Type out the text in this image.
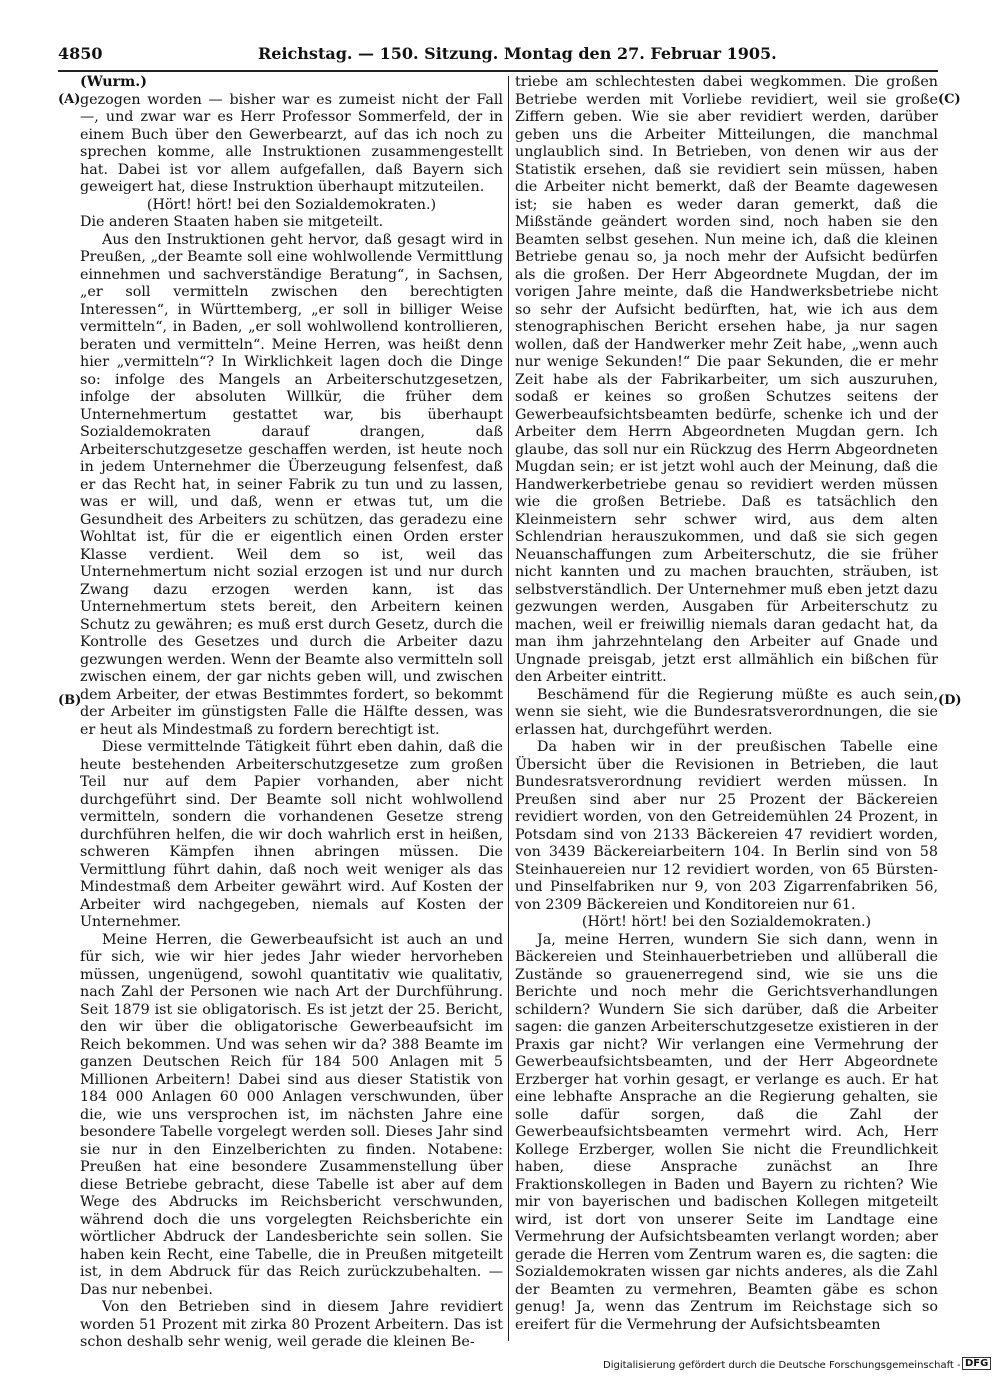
4850	Reichstag. — 150. Sitzung. Montag den 27. Februar 1905.
(A)
(B)
(C)
(D)

(Wurm.)

gezogen worden — bisher war es zumeist nicht der Fall —, und zwar war es Herr Professor Sommerfeld, der in einem Buch über den Gewerbearzt, auf das ich noch zu sprechen komme, alle Instruktionen zusammengestellt hat. Dabei ist vor allem aufgefallen, daß Bayern sich geweigert hat, diese Instruktion überhaupt mitzuteilen.

(Hört! hört! bei den Sozialdemokraten.)

Die anderen Staaten haben sie mitgeteilt.

Aus den Instruktionen geht hervor, daß gesagt wird in Preußen, „der Beamte soll eine wohlwollende Vermittlung einnehmen und sachverständige Beratung“, in Sachsen, „er soll vermitteln zwischen den berechtigten Interessen“, in Württemberg, „er soll in billiger Weise vermitteln“, in Baden, „er soll wohlwollend kontrollieren, beraten und vermitteln“. Meine Herren, was heißt denn hier „vermitteln“? In Wirklichkeit lagen doch die Dinge so: infolge des Mangels an Arbeiterschutzgesetzen, infolge der absoluten Willkür, die früher dem Unternehmertum gestattet war, bis überhaupt Sozialdemokraten darauf drangen, daß Arbeiterschutzgesetze geschaffen werden, ist heute noch in jedem Unternehmer die Überzeugung felsenfest, daß er das Recht hat, in seiner Fabrik zu tun und zu lassen, was er will, und daß, wenn er etwas tut, um die Gesundheit des Arbeiters zu schützen, das geradezu eine Wohltat ist, für die er eigentlich einen Orden erster Klasse verdient. Weil dem so ist, weil das Unternehmertum nicht sozial erzogen ist und nur durch Zwang dazu erzogen werden kann, ist das Unternehmertum stets bereit, den Arbeitern keinen Schutz zu gewähren; es muß erst durch Gesetz, durch die Kontrolle des Gesetzes und durch die Arbeiter dazu gezwungen werden. Wenn der Beamte also vermitteln soll zwischen einem, der gar nichts geben will, und zwischen dem Arbeiter, der etwas Bestimmtes fordert, so bekommt der Arbeiter im günstigsten Falle die Hälfte dessen, was er heut als Mindestmaß zu fordern berechtigt ist.

Diese vermittelnde Tätigkeit führt eben dahin, daß die heute bestehenden Arbeiterschutzgesetze zum großen Teil nur auf dem Papier vorhanden, aber nicht durchgeführt sind. Der Beamte soll nicht wohlwollend vermitteln, sondern die vorhandenen Gesetze streng durchführen helfen, die wir doch wahrlich erst in heißen, schweren Kämpfen ihnen abringen müssen. Die Vermittlung führt dahin, daß noch weit weniger als das Mindestmaß dem Arbeiter gewährt wird. Auf Kosten der Arbeiter wird nachgegeben, niemals auf Kosten der Unternehmer.

Meine Herren, die Gewerbeaufsicht ist auch an und für sich, wie wir hier jedes Jahr wieder hervorheben müssen, ungenügend, sowohl quantitativ wie qualitativ, nach Zahl der Personen wie nach Art der Durchführung. Seit 1879 ist sie obligatorisch. Es ist jetzt der 25. Bericht, den wir über die obligatorische Gewerbeaufsicht im Reich bekommen. Und was sehen wir da? 388 Beamte im ganzen Deutschen Reich für 184 500 Anlagen mit 5 Millionen Arbeitern! Dabei sind aus dieser Statistik von 184 000 Anlagen 60 000 Anlagen verschwunden, über die, wie uns versprochen ist, im nächsten Jahre eine besondere Tabelle vorgelegt werden soll. Dieses Jahr sind sie nur in den Einzelberichten zu finden. Notabene: Preußen hat eine besondere Zusammenstellung über diese Betriebe gebracht, diese Tabelle ist aber auf dem Wege des Abdrucks im Reichsbericht verschwunden, während doch die uns vorgelegten Reichsberichte ein wörtlicher Abdruck der Landesberichte sein sollen. Sie haben kein Recht, eine Tabelle, die in Preußen mitgeteilt ist, in dem Abdruck für das Reich zurückzubehalten. — Das nur nebenbei.

Von den Betrieben sind in diesem Jahre revidiert worden 51 Prozent mit zirka 80 Prozent Arbeitern. Das ist schon deshalb sehr wenig, weil gerade die kleinen Be-

triebe am schlechtesten dabei wegkommen. Die großen Betriebe werden mit Vorliebe revidiert, weil sie große Ziffern geben. Wie sie aber revidiert werden, darüber geben uns die Arbeiter Mitteilungen, die manchmal unglaublich sind. In Betrieben, von denen wir aus der Statistik ersehen, daß sie revidiert sein müssen, haben die Arbeiter nicht bemerkt, daß der Beamte dagewesen ist; sie haben es weder daran gemerkt, daß die Mißstände geändert worden sind, noch haben sie den Beamten selbst gesehen. Nun meine ich, daß die kleinen Betriebe genau so, ja noch mehr der Aufsicht bedürfen als die großen. Der Herr Abgeordnete Mugdan, der im vorigen Jahre meinte, daß die Handwerksbetriebe nicht so sehr der Aufsicht bedürften, hat, wie ich aus dem stenographischen Bericht ersehen habe, ja nur sagen wollen, daß der Handwerker mehr Zeit habe, „wenn auch nur wenige Sekunden!“ Die paar Sekunden, die er mehr Zeit habe als der Fabrikarbeiter, um sich auszuruhen, sodaß er keines so großen Schutzes seitens der Gewerbeaufsichtsbeamten bedürfe, schenke ich und der Arbeiter dem Herrn Abgeordneten Mugdan gern. Ich glaube, das soll nur ein Rückzug des Herrn Abgeordneten Mugdan sein; er ist jetzt wohl auch der Meinung, daß die Handwerkerbetriebe genau so revidiert werden müssen wie die großen Betriebe. Daß es tatsächlich den Kleinmeistern sehr schwer wird, aus dem alten Schlendrian herauszukommen, und daß sie sich gegen Neuanschaffungen zum Arbeiterschutz, die sie früher nicht kannten und zu machen brauchten, sträuben, ist selbstverständlich. Der Unternehmer muß eben jetzt dazu gezwungen werden, Ausgaben für Arbeiterschutz zu machen, weil er freiwillig niemals daran gedacht hat, da man ihm jahrzehntelang den Arbeiter auf Gnade und Ungnade preisgab, jetzt erst allmählich ein bißchen für den Arbeiter eintritt.

Beschämend für die Regierung müßte es auch sein, wenn sie sieht, wie die Bundesratsverordnungen, die sie erlassen hat, durchgeführt werden.

Da haben wir in der preußischen Tabelle eine Übersicht über die Revisionen in Betrieben, die laut Bundesratsverordnung revidiert werden müssen. In Preußen sind aber nur 25 Prozent der Bäckereien revidiert worden, von den Getreidemühlen 24 Prozent, in Potsdam sind von 2133 Bäckereien 47 revidiert worden, von 3439 Bäckereiarbeitern 104. In Berlin sind von 58 Steinhauereien nur 12 revidiert worden, von 65 Bürsten- und Pinselfabriken nur 9, von 203 Zigarrenfabriken 56, von 2309 Bäckereien und Konditoreien nur 61.

(Hört! hört! bei den Sozialdemokraten.)

Ja, meine Herren, wundern Sie sich dann, wenn in Bäckereien und Steinhauerbetrieben und allüberall die Zustände so grauenerregend sind, wie sie uns die Berichte und noch mehr die Gerichtsverhandlungen schildern? Wundern Sie sich darüber, daß die Arbeiter sagen: die ganzen Arbeiterschutzgesetze existieren in der Praxis gar nicht? Wir verlangen eine Vermehrung der Gewerbeaufsichtsbeamten, und der Herr Abgeordnete Erzberger hat vorhin gesagt, er verlange es auch. Er hat eine lebhafte Ansprache an die Regierung gehalten, sie solle dafür sorgen, daß die Zahl der Gewerbeaufsichtsbeamten vermehrt wird. Ach, Herr Kollege Erzberger, wollen Sie nicht die Freundlichkeit haben, diese Ansprache zunächst an Ihre Fraktionskollegen in Baden und Bayern zu richten? Wie mir von bayerischen und badischen Kollegen mitgeteilt wird, ist dort von unserer Seite im Landtage eine Vermehrung der Aufsichtsbeamten verlangt worden; aber gerade die Herren vom Zentrum waren es, die sagten: die Sozialdemokraten wissen gar nichts anderes, als die Zahl der Beamten zu vermehren, Beamten gäbe es schon genug! Ja, wenn das Zentrum im Reichstage sich so ereifert für die Vermehrung der Aufsichtsbeamten

Digitalisierung gefördert durch die Deutsche Forschungsgemeinschaft - DFG
